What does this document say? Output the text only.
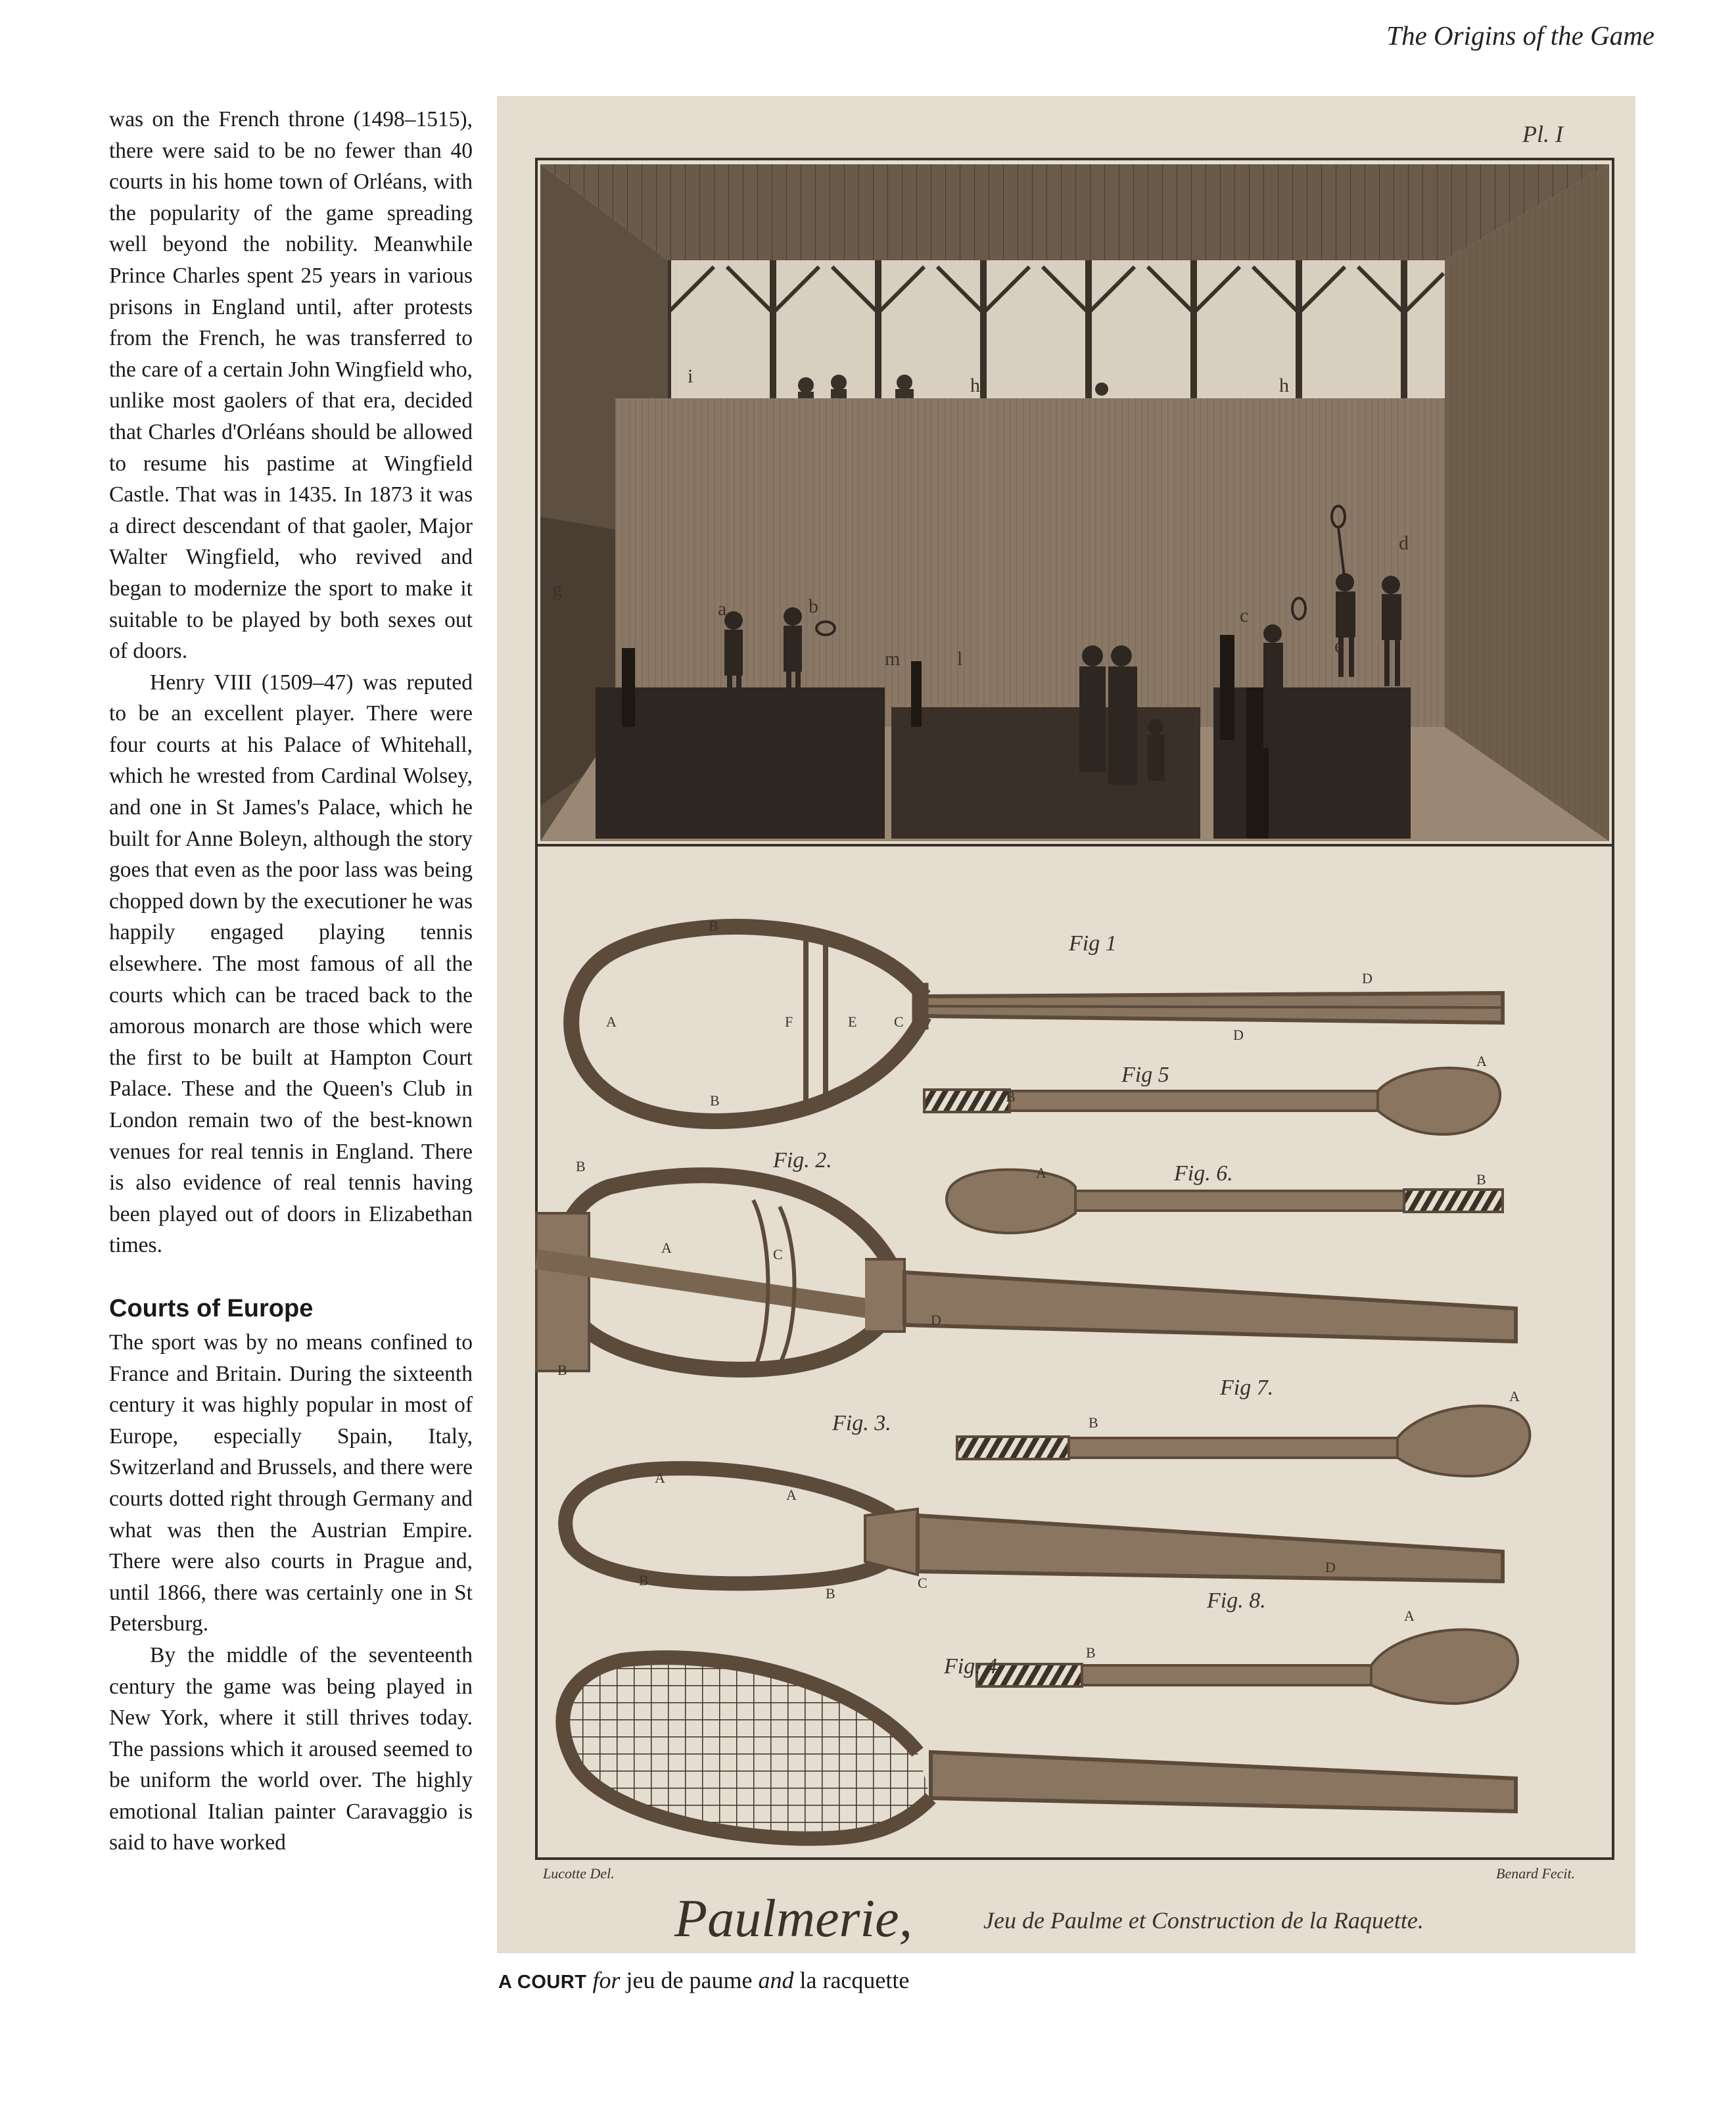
The Origins of the Game

was on the French throne (1498–1515), there were said to be no fewer than 40 courts in his home town of Orléans, with the popularity of the game spreading well beyond the nobility. Meanwhile Prince Charles spent 25 years in various prisons in England until, after protests from the French, he was transferred to the care of a certain John Wingfield who, unlike most gaolers of that era, decided that Charles d'Orléans should be allowed to resume his pastime at Wingfield Castle. That was in 1435. In 1873 it was a direct descendant of that gaoler, Major Walter Wingfield, who revived and began to modernize the sport to make it suitable to be played by both sexes out of doors.

Henry VIII (1509–47) was reputed to be an excellent player. There were four courts at his Palace of Whitehall, which he wrested from Cardinal Wolsey, and one in St James's Palace, which he built for Anne Boleyn, although the story goes that even as the poor lass was being chopped down by the executioner he was happily engaged playing tennis elsewhere. The most famous of all the courts which can be traced back to the amorous monarch are those which were the first to be built at Hampton Court Palace. These and the Queen's Club in London remain two of the best-known venues for real tennis in England. There is also evidence of real tennis having been played out of doors in Elizabethan times.

Courts of Europe

The sport was by no means confined to France and Britain. During the sixteenth century it was highly popular in most of Europe, especially Spain, Italy, Switzerland and Brussels, and there were courts dotted right through Germany and what was then the Austrian Empire. There were also courts in Prague and, until 1866, there was certainly one in St Petersburg.

By the middle of the seventeenth century the game was being played in New York, where it still thrives today. The passions which it aroused seemed to be uniform the world over. The highly emotional Italian painter Caravaggio is said to have worked

Pl. I
a	b	c
d
e
g
h	h
i
l
m
Fig 1
Fig. 2.
Fig. 3.
Fig. 4.
Fig 5
Fig. 6.
Fig 7.
Fig. 8.
B
A	F	E	C
D
D
B	B
A
A	B
B
A	C
B
D
B
A
A
A
B
B
C
D
B
A
Lucotte Del.	Benard Fecit.
Paulmerie,	Jeu de Paulme et Construction de la Raquette.
A COURT for jeu de paume and la racquette
